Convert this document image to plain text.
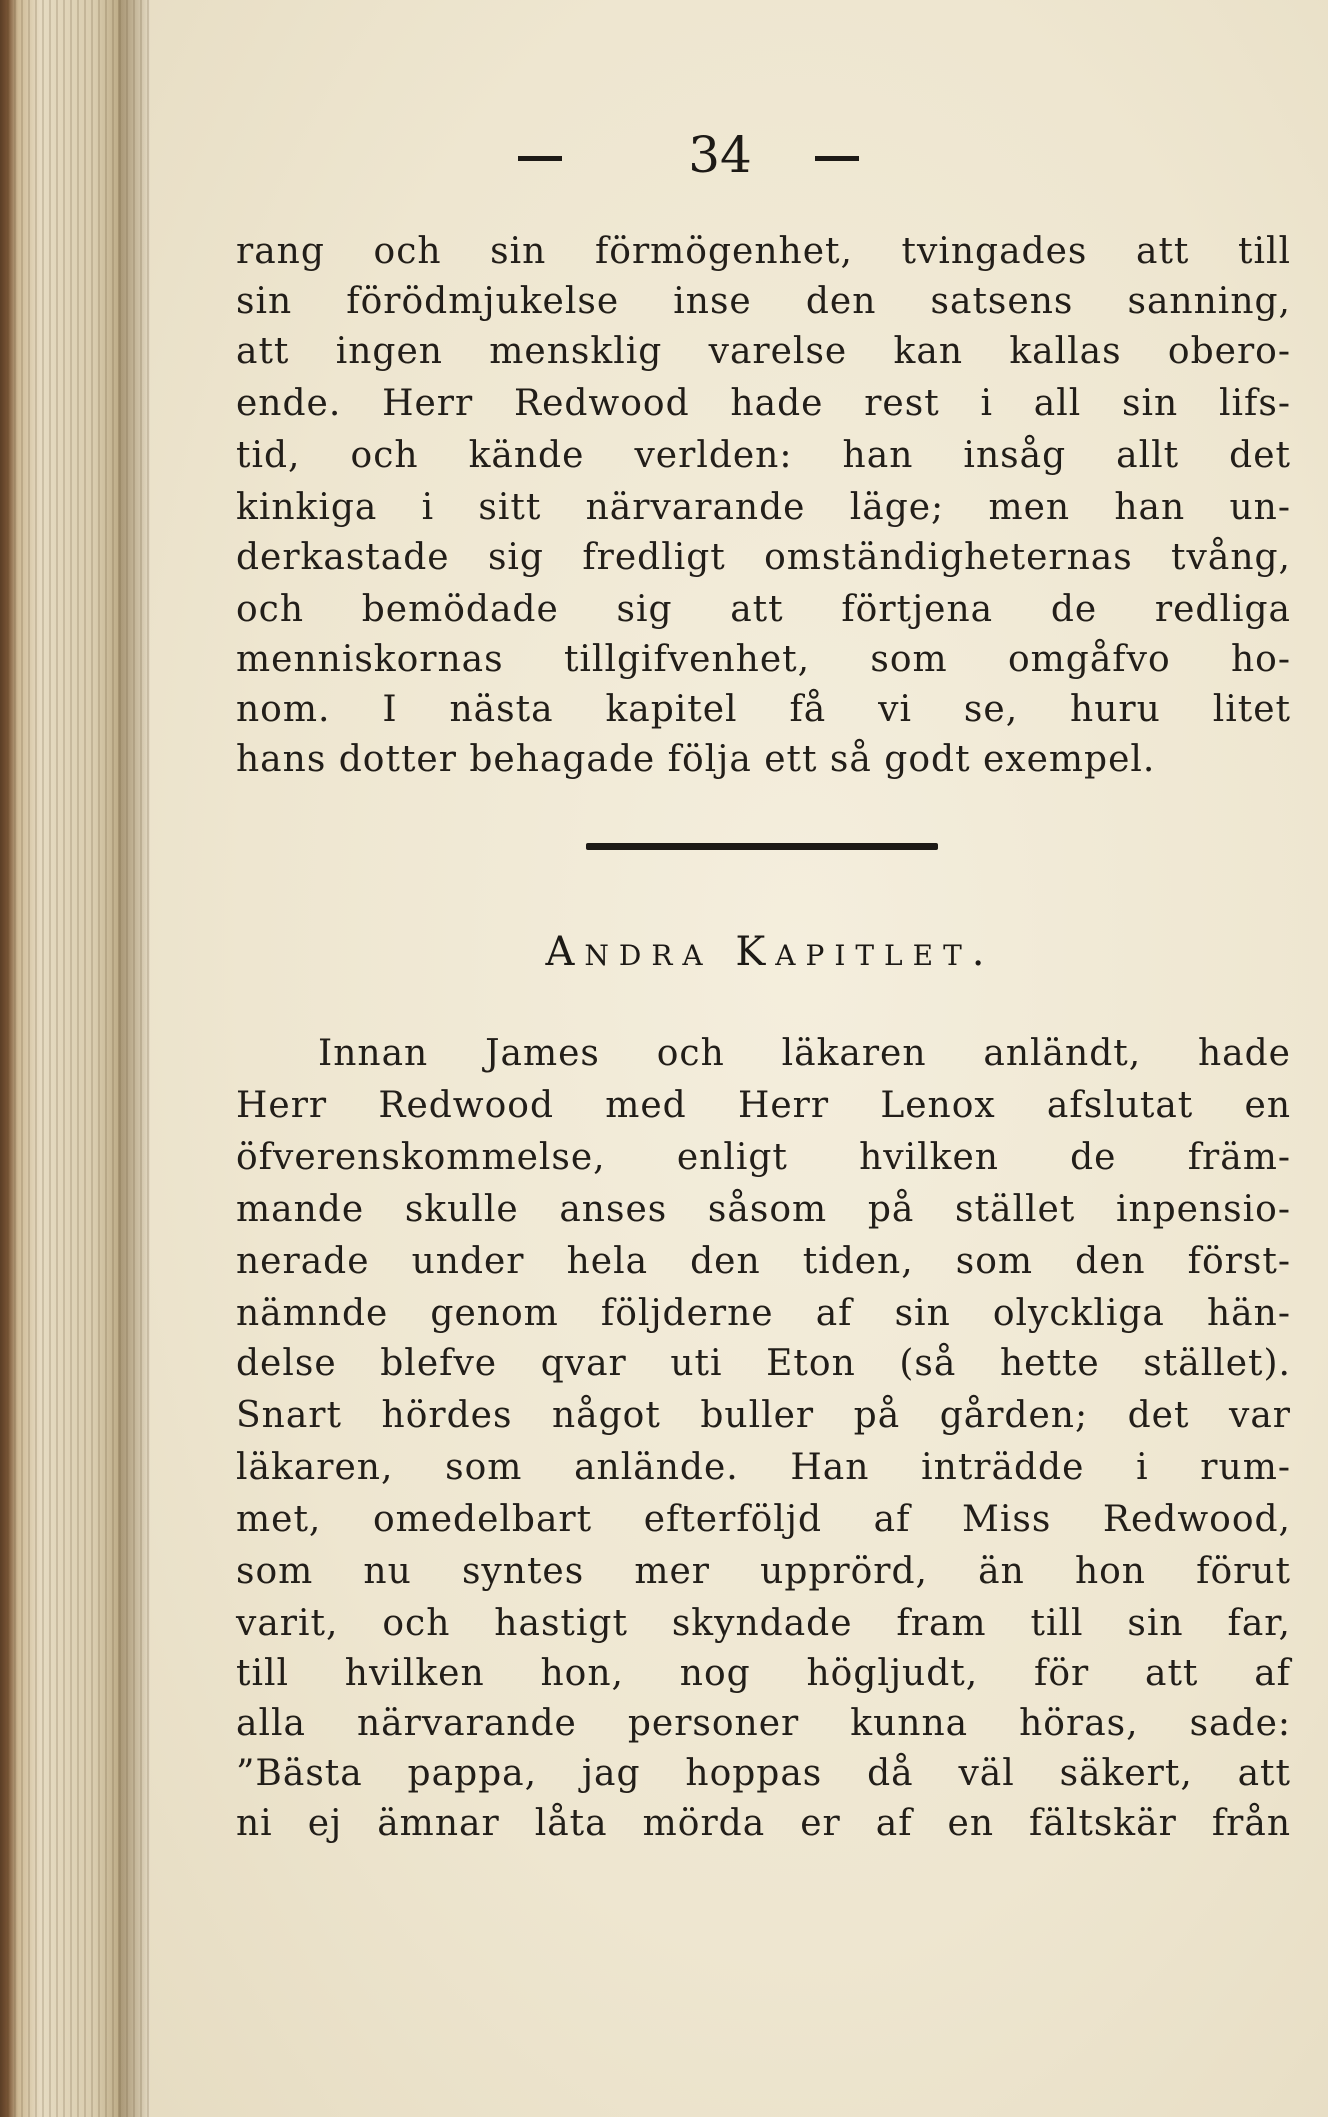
34
rang och sin förmögenhet, tvingades att till
sin förödmjukelse inse den satsens sanning,
att ingen mensklig varelse kan kallas obero-
ende. Herr Redwood hade rest i all sin lifs-
tid, och kände verlden: han insåg allt det
kinkiga i sitt närvarande läge; men han un-
derkastade sig fredligt omständigheternas tvång,
och bemödade sig att förtjena de redliga
menniskornas tillgifvenhet, som omgåfvo ho-
nom. I nästa kapitel få vi se, huru litet
hans dotter behagade följa ett så godt exempel.
Andra Kapitlet.
Innan James och läkaren anländt, hade
Herr Redwood med Herr Lenox afslutat en
öfverenskommelse, enligt hvilken de främ-
mande skulle anses såsom på stället inpensio-
nerade under hela den tiden, som den först-
nämnde genom följderne af sin olyckliga hän-
delse blefve qvar uti Eton (så hette stället).
Snart hördes något buller på gården; det var
läkaren, som anlände. Han inträdde i rum-
met, omedelbart efterföljd af Miss Redwood,
som nu syntes mer upprörd, än hon förut
varit, och hastigt skyndade fram till sin far,
till hvilken hon, nog högljudt, för att af
alla närvarande personer kunna höras, sade:
”Bästa pappa, jag hoppas då väl säkert, att
ni ej ämnar låta mörda er af en fältskär från
